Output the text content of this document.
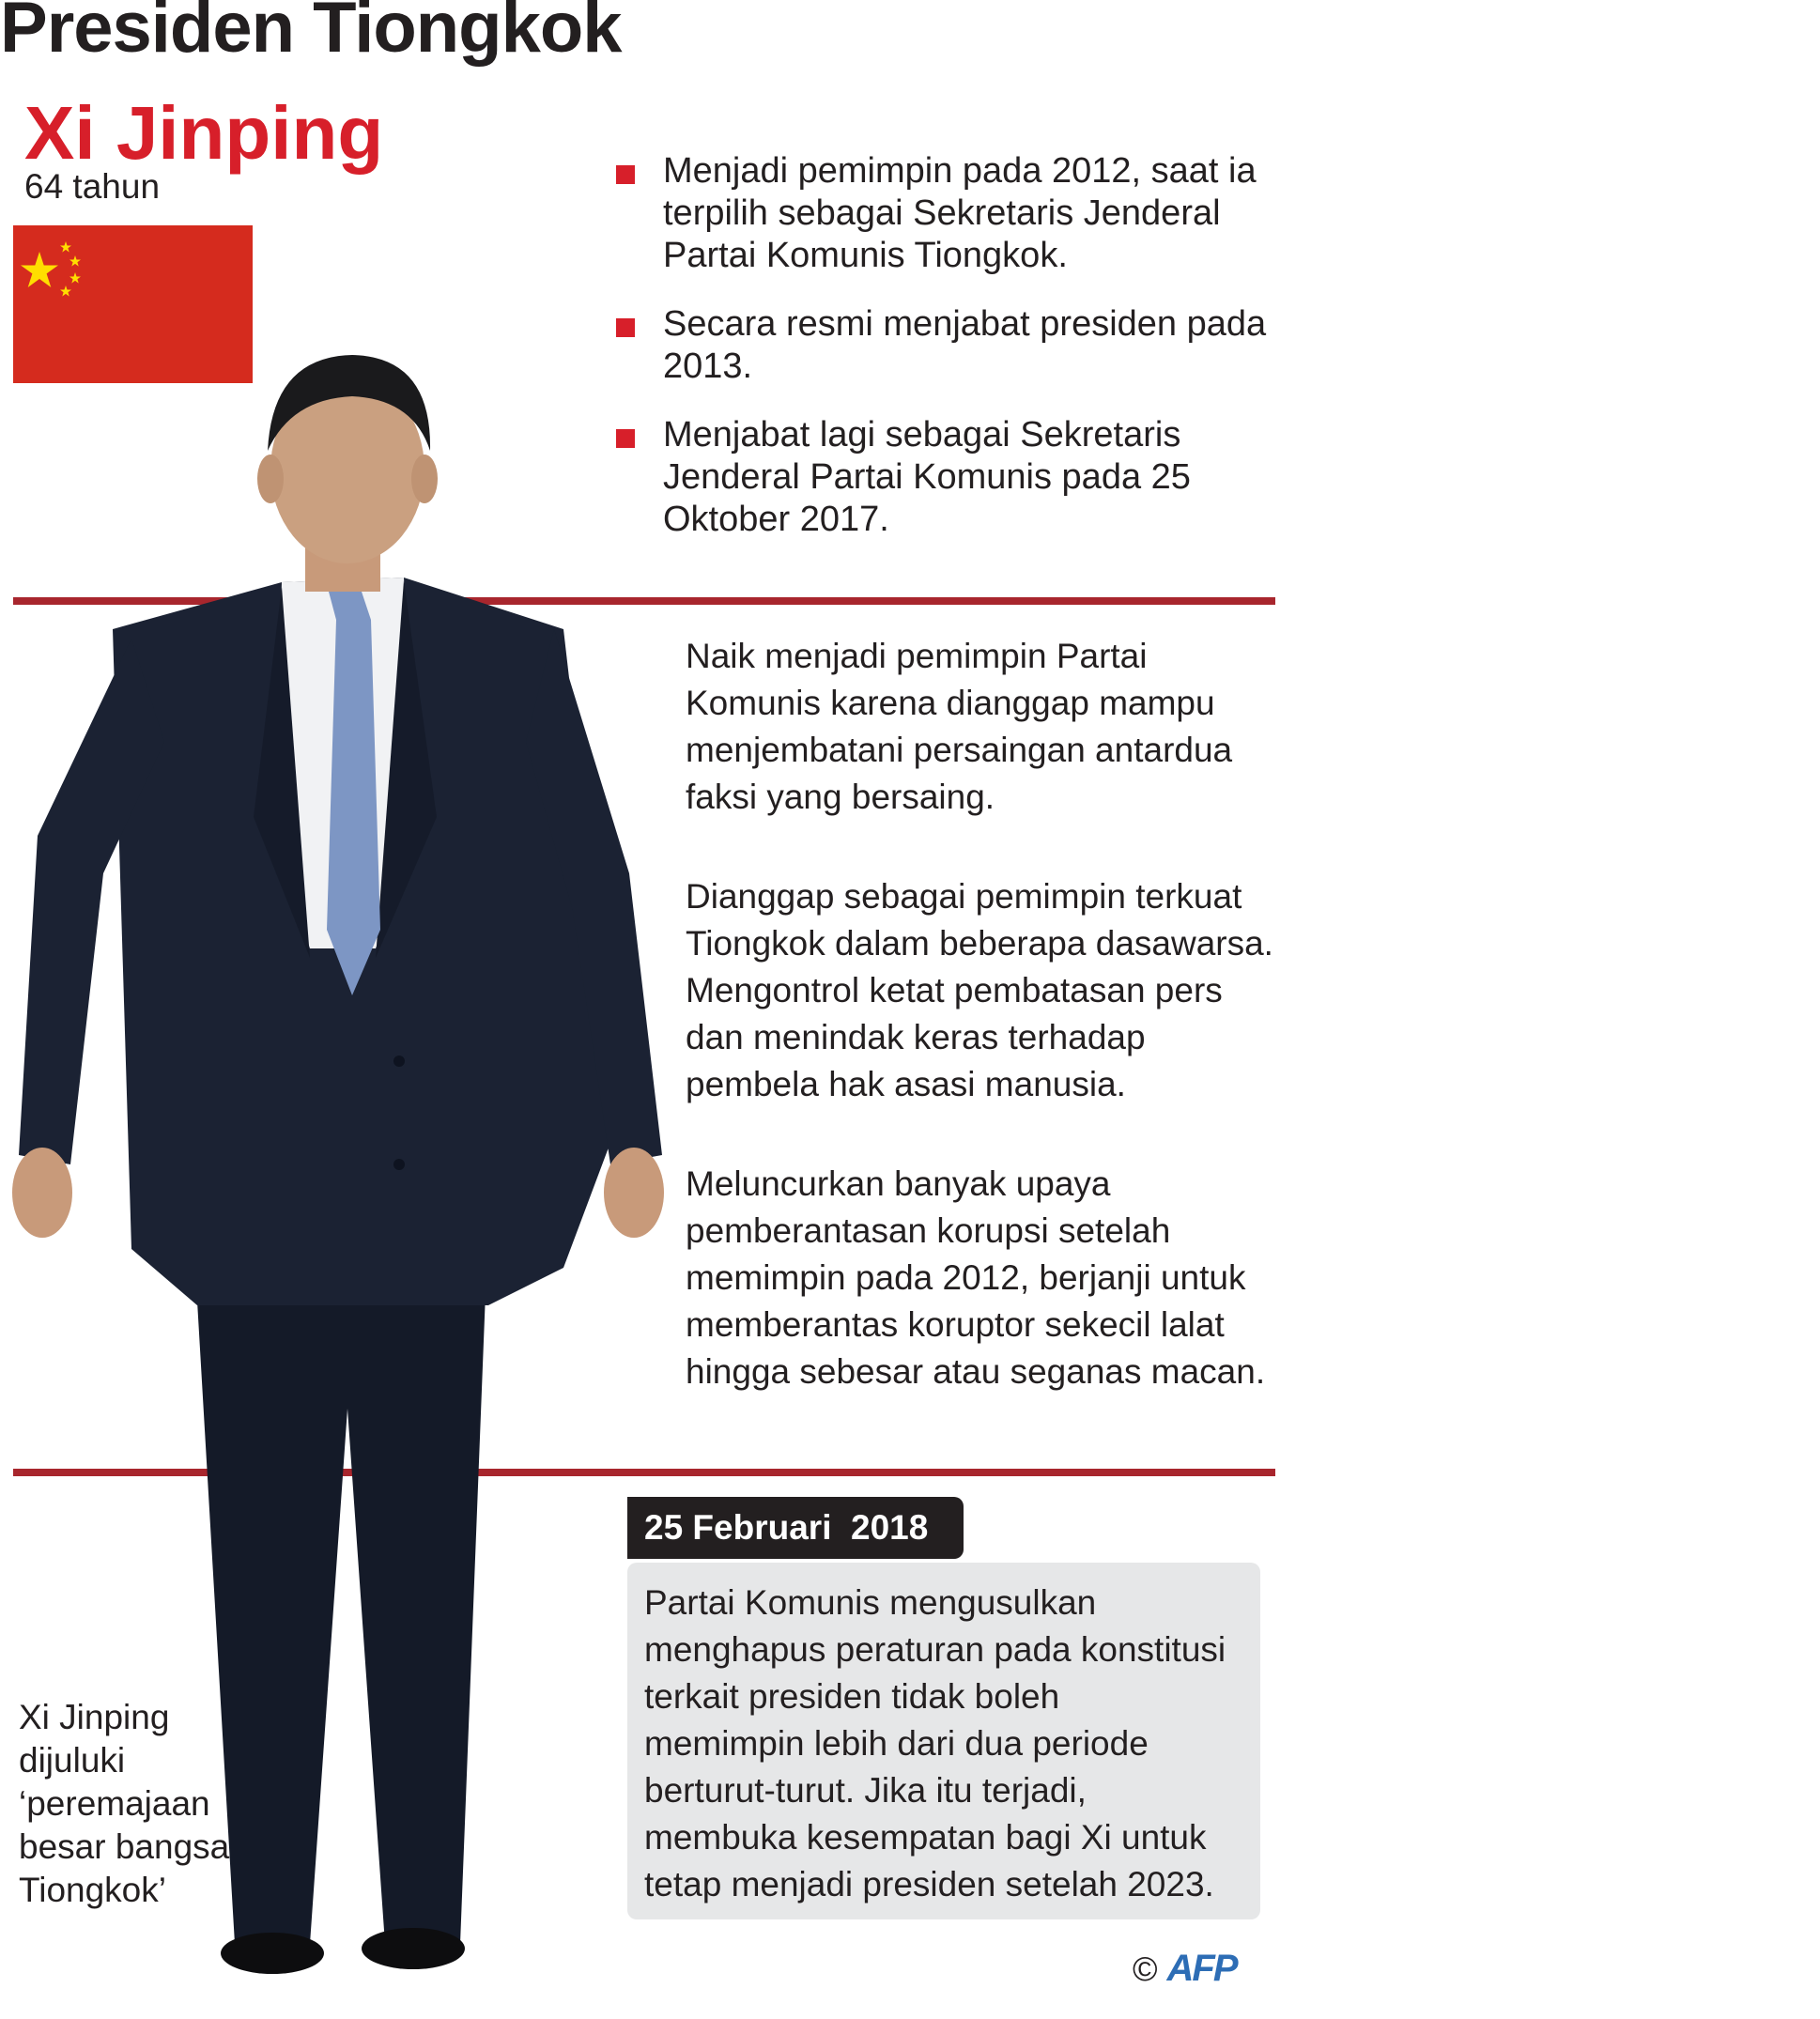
Presiden Tiongkok
Xi Jinping
64 tahun	Menjadi pemimpin pada 2012, saat ia terpilih sebagai Sekretaris Jenderal Partai Komunis Tiongkok.
Secara resmi menjabat presiden pada 2013.
Menjabat lagi sebagai Sekretaris Jenderal Partai Komunis pada 25 Oktober 2017.
Naik menjadi pemimpin Partai Komunis karena dianggap mampu menjembatani persaingan antardua faksi yang bersaing.
Dianggap sebagai pemimpin terkuat Tiongkok dalam beberapa dasawarsa. Mengontrol ketat pembatasan pers dan menindak keras terhadap pembela hak asasi manusia.
Meluncurkan banyak upaya pemberantasan korupsi setelah memimpin pada 2012, berjanji untuk memberantas koruptor sekecil lalat hingga sebesar atau seganas macan.
25 Februari  2018
Partai Komunis mengusulkan
menghapus peraturan pada konstitusi
terkait presiden tidak boleh
memimpin lebih dari dua periode
berturut-turut. Jika itu terjadi,
membuka kesempatan bagi Xi untuk
tetap menjadi presiden setelah 2023.
Xi Jinping
dijuluki
‘peremajaan
besar bangsa
Tiongkok’
© AFP
